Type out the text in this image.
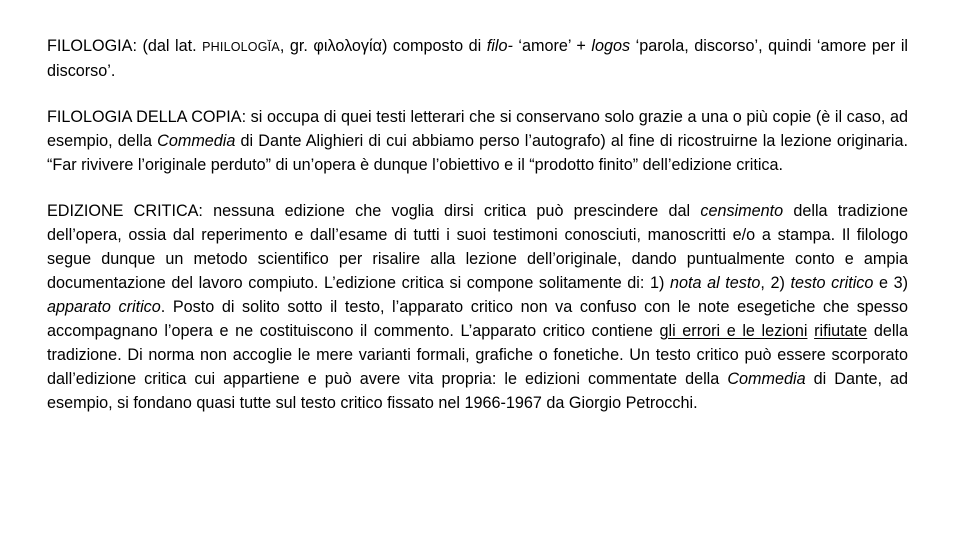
FILOLOGIA: (dal lat. PHILOLOGĬA, gr. φιλολογία) composto di filo- ‘amore’ + logos ‘parola, discorso’, quindi ‘amore per il discorso’.

FILOLOGIA DELLA COPIA: si occupa di quei testi letterari che si conservano solo grazie a una o più copie (è il caso, ad esempio, della Commedia di Dante Alighieri di cui abbiamo perso l’autografo) al fine di ricostruirne la lezione originaria. “Far rivivere l’originale perduto” di un’opera è dunque l’obiettivo e il “prodotto finito” dell’edizione critica.

EDIZIONE CRITICA: nessuna edizione che voglia dirsi critica può prescindere dal censimento della tradizione dell’opera, ossia dal reperimento e dall’esame di tutti i suoi testimoni conosciuti, manoscritti e/o a stampa. Il filologo segue dunque un metodo scientifico per risalire alla lezione dell’originale, dando puntualmente conto e ampia documentazione del lavoro compiuto. L’edizione critica si compone solitamente di: 1) nota al testo, 2) testo critico e 3) apparato critico. Posto di solito sotto il testo, l’apparato critico non va confuso con le note esegetiche che spesso accompagnano l’opera e ne costituiscono il commento. L’apparato critico contiene gli errori e le lezioni rifiutate della tradizione. Di norma non accoglie le mere varianti formali, grafiche o fonetiche. Un testo critico può essere scorporato dall’edizione critica cui appartiene e può avere vita propria: le edizioni commentate della Commedia di Dante, ad esempio, si fondano quasi tutte sul testo critico fissato nel 1966-1967 da Giorgio Petrocchi.
